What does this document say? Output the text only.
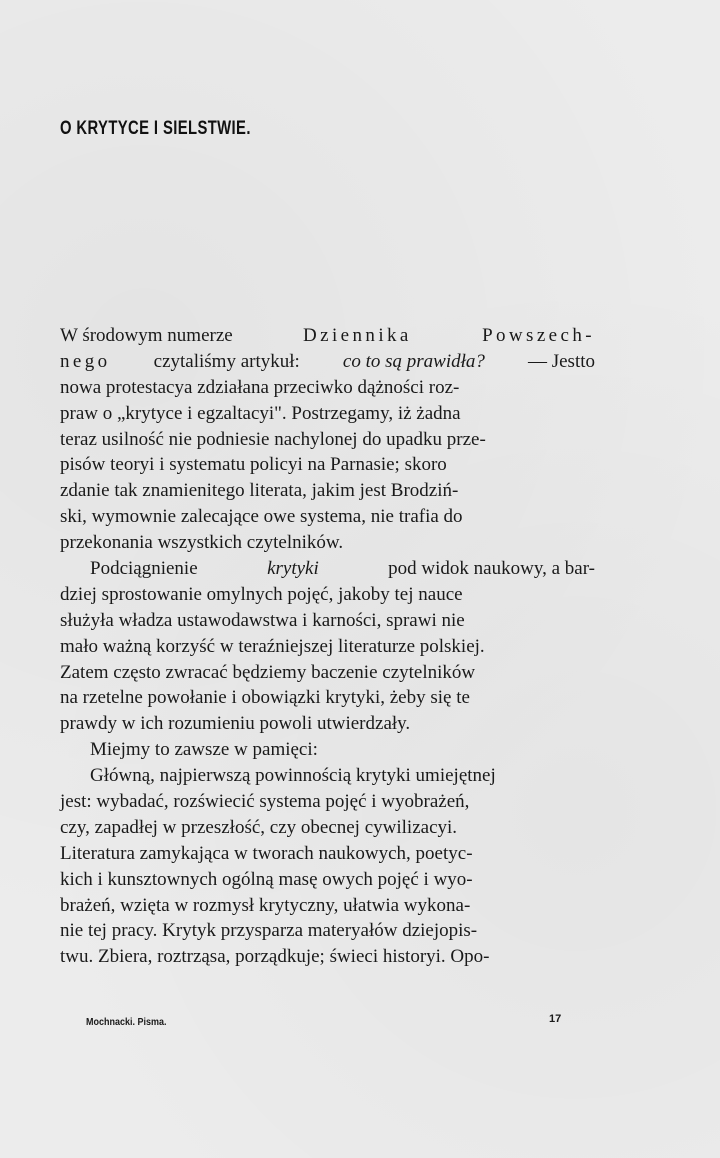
O KRYTYCE I SIELSTWIE.
W środowym numerze	Dziennika	Powszech-
nego czytaliśmy artykuł: co to są prawidła? — Jestto
nowa protestacya zdziałana przeciwko dążności roz-
praw o „krytyce i egzaltacyi". Postrzegamy, iż żadna
teraz usilność nie podniesie nachylonej do upadku prze-
pisów teoryi i systematu policyi na Parnasie; skoro
zdanie tak znamienitego literata, jakim jest Brodziń-
ski, wymownie zalecające owe systema, nie trafia do
przekonania wszystkich czytelników.
Podciągnienie	krytyki	pod widok naukowy, a bar-
dziej sprostowanie omylnych pojęć, jakoby tej nauce
służyła władza ustawodawstwa i karności, sprawi nie
mało ważną korzyść w teraźniejszej literaturze polskiej.
Zatem często zwracać będziemy baczenie czytelników
na rzetelne powołanie i obowiązki krytyki, żeby się te
prawdy w ich rozumieniu powoli utwierdzały.
Miejmy to zawsze w pamięci:
Główną, najpierwszą powinnością krytyki umiejętnej
jest: wybadać, rozświecić systema pojęć i wyobrażeń,
czy, zapadłej w przeszłość, czy obecnej cywilizacyi.
Literatura zamykająca w tworach naukowych, poetyc-
kich i kunsztownych ogólną masę owych pojęć i wyo-
brażeń, wzięta w rozmysł krytyczny, ułatwia wykona-
nie tej pracy. Krytyk przysparza materyałów dziejopis-
twu. Zbiera, roztrząsa, porządkuje; świeci historyi. Opo-
Mochnacki. Pisma.	17
